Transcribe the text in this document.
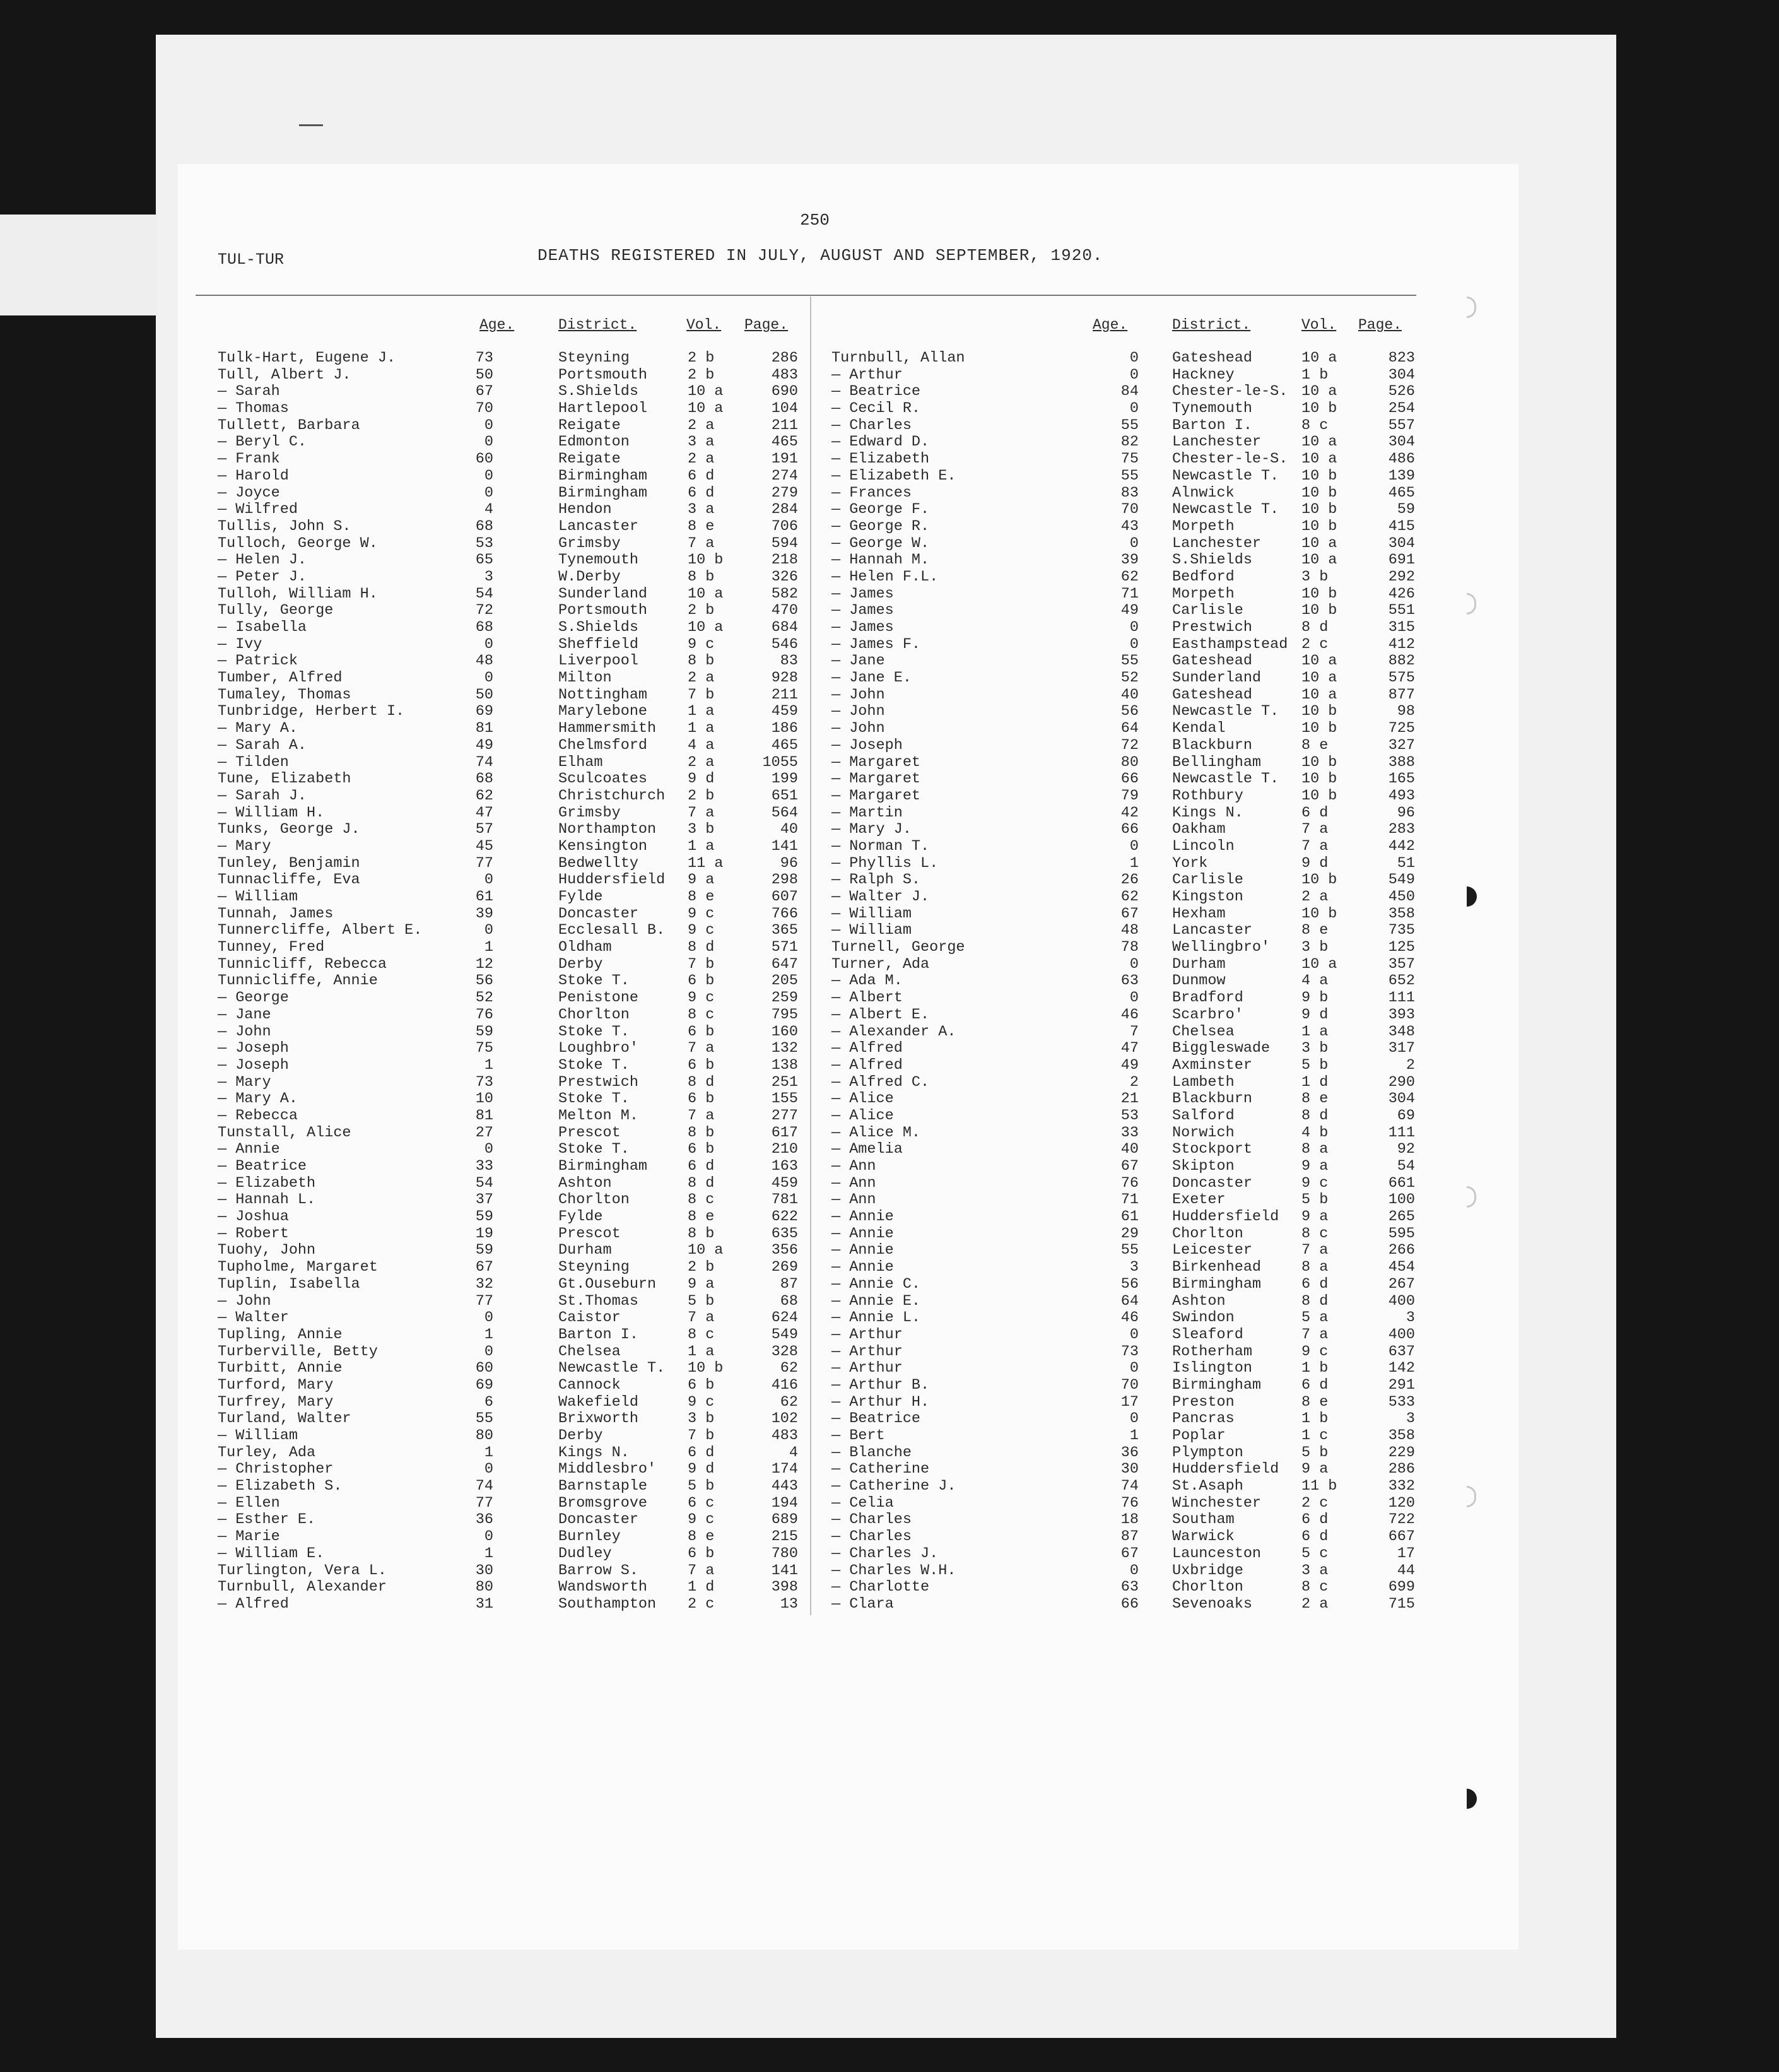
250
TUL-TUR	DEATHS REGISTERED IN JULY, AUGUST AND SEPTEMBER, 1920.
Age.	District.	Vol. Page.	Age.	District.	Vol. Page.
Tulk-Hart, Eugene J.	73	Steyning	2 b	286
Tull, Albert J.	50	Portsmouth	2 b	483
— Sarah	67	S.Shields	10 a	690
— Thomas	70	Hartlepool	10 a	104
Tullett, Barbara	0	Reigate	2 a	211
— Beryl C.	0	Edmonton	3 a	465
— Frank	60	Reigate	2 a	191
— Harold	0	Birmingham	6 d	274
— Joyce	0	Birmingham	6 d	279
— Wilfred	4	Hendon	3 a	284
Tullis, John S.	68	Lancaster	8 e	706
Tulloch, George W.	53	Grimsby	7 a	594
— Helen J.	65	Tynemouth	10 b	218
— Peter J.	3	W.Derby	8 b	326
Tulloh, William H.	54	Sunderland	10 a	582
Tully, George	72	Portsmouth	2 b	470
— Isabella	68	S.Shields	10 a	684
— Ivy	0	Sheffield	9 c	546
— Patrick	48	Liverpool	8 b	83
Tumber, Alfred	0	Milton	2 a	928
Tumaley, Thomas	50	Nottingham	7 b	211
Tunbridge, Herbert I.	69	Marylebone	1 a	459
— Mary A.	81	Hammersmith 1 a	186
— Sarah A.	49	Chelmsford	4 a	465
— Tilden	74	Elham	2 a	1055
Tune, Elizabeth	68	Sculcoates	9 d	199
— Sarah J.	62	Christchurch 2 b	651
— William H.	47	Grimsby	7 a	564
Tunks, George J.	57	Northampton 3 b	40
— Mary	45	Kensington	1 a	141
Tunley, Benjamin	77	Bedwellty	11 a	96
Tunnacliffe, Eva	0	Huddersfield 9 a	298
— William	61	Fylde	8 e	607
Tunnah, James	39	Doncaster	9 c	766
Tunnercliffe, Albert E.	0	Ecclesall B. 9 c	365
Tunney, Fred	1	Oldham	8 d	571
Tunnicliff, Rebecca	12	Derby	7 b	647
Tunnicliffe, Annie	56	Stoke T.	6 b	205
— George	52	Penistone	9 c	259
— Jane	76	Chorlton	8 c	795
— John	59	Stoke T.	6 b	160
— Joseph	75	Loughbro'	7 a	132
— Joseph	1	Stoke T.	6 b	138
— Mary	73	Prestwich	8 d	251
— Mary A.	10	Stoke T.	6 b	155
— Rebecca	81	Melton M.	7 a	277
Tunstall, Alice	27	Prescot	8 b	617
— Annie	0	Stoke T.	6 b	210
— Beatrice	33	Birmingham	6 d	163
— Elizabeth	54	Ashton	8 d	459
— Hannah L.	37	Chorlton	8 c	781
— Joshua	59	Fylde	8 e	622
— Robert	19	Prescot	8 b	635
Tuohy, John	59	Durham	10 a	356
Tupholme, Margaret	67	Steyning	2 b	269
Tuplin, Isabella	32	Gt.Ouseburn 9 a	87
— John	77	St.Thomas	5 b	68
— Walter	0	Caistor	7 a	624
Tupling, Annie	1	Barton I.	8 c	549
Turberville, Betty	0	Chelsea	1 a	328
Turbitt, Annie	60	Newcastle T. 10 b	62
Turford, Mary	69	Cannock	6 b	416
Turfrey, Mary	6	Wakefield	9 c	62
Turland, Walter	55	Brixworth	3 b	102
— William	80	Derby	7 b	483
Turley, Ada	1	Kings N.	6 d	4
— Christopher	0	Middlesbro' 9 d	174
— Elizabeth S.	74	Barnstaple	5 b	443
— Ellen	77	Bromsgrove	6 c	194
— Esther E.	36	Doncaster	9 c	689
— Marie	0	Burnley	8 e	215
— William E.	1	Dudley	6 b	780
Turlington, Vera L.	30	Barrow S.	7 a	141
Turnbull, Alexander	80	Wandsworth	1 d	398
— Alfred	31	Southampton 2 c	13
Turnbull, Allan	0 Gateshead	10 a	823
— Arthur	0 Hackney	1 b	304
— Beatrice	84 Chester-le-S. 10 a	526
— Cecil R.	0 Tynemouth	10 b	254
— Charles	55 Barton I.	8 c	557
— Edward D.	82 Lanchester	10 a	304
— Elizabeth	75 Chester-le-S. 10 a	486
— Elizabeth E.	55 Newcastle T. 10 b	139
— Frances	83 Alnwick	10 b	465
— George F.	70 Newcastle T. 10 b	59
— George R.	43 Morpeth	10 b	415
— George W.	0 Lanchester	10 a	304
— Hannah M.	39 S.Shields	10 a	691
— Helen F.L.	62 Bedford	3 b	292
— James	71 Morpeth	10 b	426
— James	49 Carlisle	10 b	551
— James	0 Prestwich	8 d	315
— James F.	0 Easthampstead 2 c	412
— Jane	55 Gateshead	10 a	882
— Jane E.	52 Sunderland	10 a	575
— John	40 Gateshead	10 a	877
— John	56 Newcastle T. 10 b	98
— John	64 Kendal	10 b	725
— Joseph	72 Blackburn	8 e	327
— Margaret	80 Bellingham	10 b	388
— Margaret	66 Newcastle T. 10 b	165
— Margaret	79 Rothbury	10 b	493
— Martin	42 Kings N.	6 d	96
— Mary J.	66 Oakham	7 a	283
— Norman T.	0 Lincoln	7 a	442
— Phyllis L.	1 York	9 d	51
— Ralph S.	26 Carlisle	10 b	549
— Walter J.	62 Kingston	2 a	450
— William	67 Hexham	10 b	358
— William	48 Lancaster	8 e	735
Turnell, George	78 Wellingbro' 3 b	125
Turner, Ada	0 Durham	10 a	357
— Ada M.	63 Dunmow	4 a	652
— Albert	0 Bradford	9 b	111
— Albert E.	46 Scarbro'	9 d	393
— Alexander A.	7 Chelsea	1 a	348
— Alfred	47 Biggleswade 3 b	317
— Alfred	49 Axminster	5 b	2
— Alfred C.	2 Lambeth	1 d	290
— Alice	21 Blackburn	8 e	304
— Alice	53 Salford	8 d	69
— Alice M.	33 Norwich	4 b	111
— Amelia	40 Stockport	8 a	92
— Ann	67 Skipton	9 a	54
— Ann	76 Doncaster	9 c	661
— Ann	71 Exeter	5 b	100
— Annie	61 Huddersfield 9 a	265
— Annie	29 Chorlton	8 c	595
— Annie	55 Leicester	7 a	266
— Annie	3 Birkenhead	8 a	454
— Annie C.	56 Birmingham	6 d	267
— Annie E.	64 Ashton	8 d	400
— Annie L.	46 Swindon	5 a	3
— Arthur	0 Sleaford	7 a	400
— Arthur	73 Rotherham	9 c	637
— Arthur	0 Islington	1 b	142
— Arthur B.	70 Birmingham	6 d	291
— Arthur H.	17 Preston	8 e	533
— Beatrice	0 Pancras	1 b	3
— Bert	1 Poplar	1 c	358
— Blanche	36 Plympton	5 b	229
— Catherine	30 Huddersfield 9 a	286
— Catherine J.	74 St.Asaph	11 b	332
— Celia	76 Winchester	2 c	120
— Charles	18 Southam	6 d	722
— Charles	87 Warwick	6 d	667
— Charles J.	67 Launceston	5 c	17
— Charles W.H.	0 Uxbridge	3 a	44
— Charlotte	63 Chorlton	8 c	699
— Clara	66 Sevenoaks	2 a	715
